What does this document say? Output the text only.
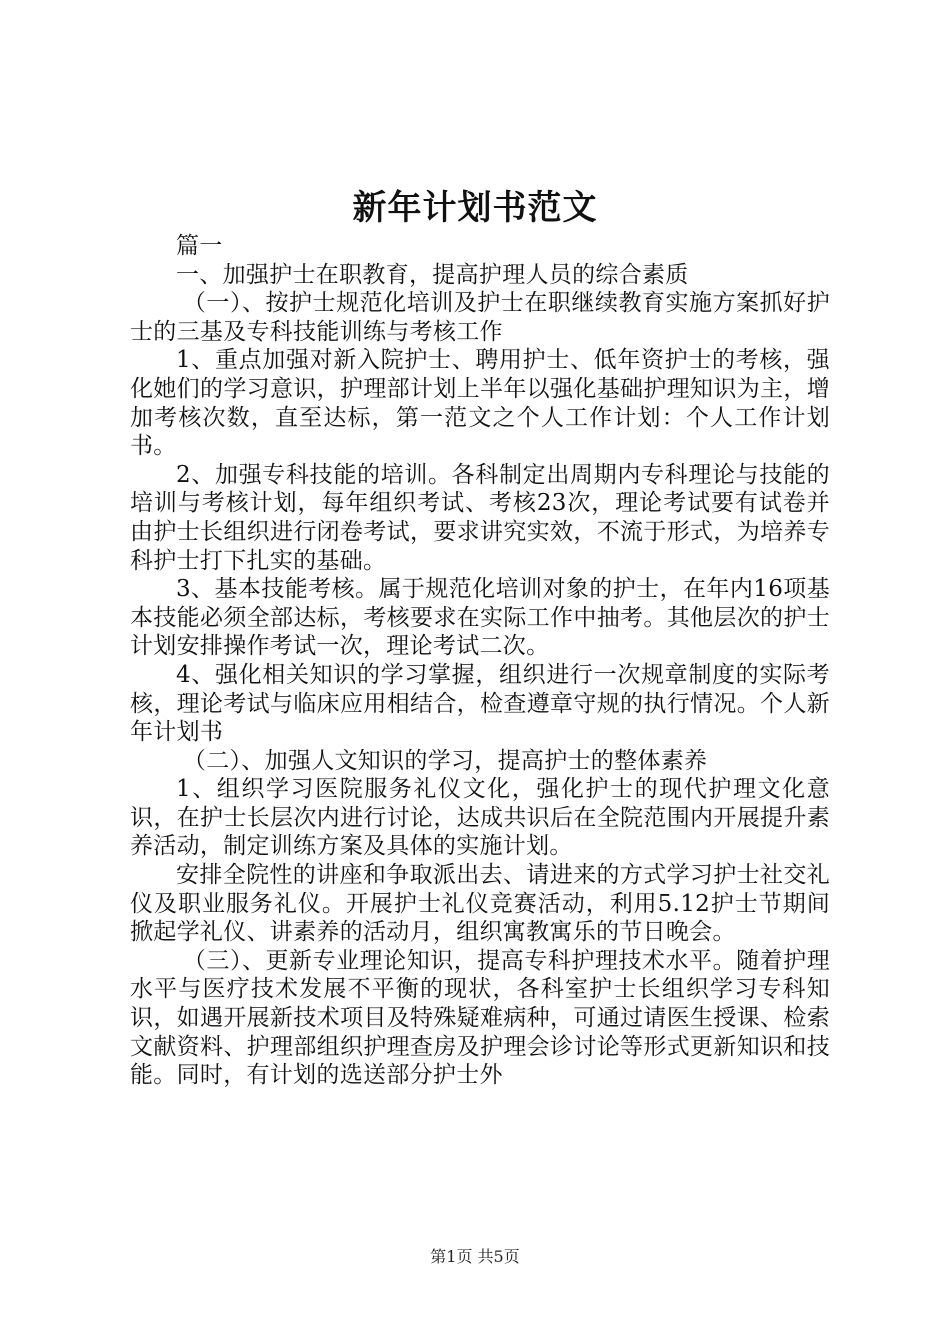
新年计划书范文

篇一

一、加强护士在职教育，提高护理人员的综合素质

（一）、按护士规范化培训及护士在职继续教育实施方案抓好护士的三基及专科技能训练与考核工作

1、重点加强对新入院护士、聘用护士、低年资护士的考核，强化她们的学习意识，护理部计划上半年以强化基础护理知识为主，增加考核次数，直至达标，第一范文之个人工作计划：个人工作计划书。

2、加强专科技能的培训。各科制定出周期内专科理论与技能的培训与考核计划，每年组织考试、考核23次，理论考试要有试卷并由护士长组织进行闭卷考试，要求讲究实效，不流于形式，为培养专科护士打下扎实的基础。

3、基本技能考核。属于规范化培训对象的护士，在年内16项基本技能必须全部达标，考核要求在实际工作中抽考。其他层次的护士计划安排操作考试一次，理论考试二次。

4、强化相关知识的学习掌握，组织进行一次规章制度的实际考核，理论考试与临床应用相结合，检查遵章守规的执行情况。个人新年计划书

（二）、加强人文知识的学习，提高护士的整体素养

1、组织学习医院服务礼仪文化，强化护士的现代护理文化意识，在护士长层次内进行讨论，达成共识后在全院范围内开展提升素养活动，制定训练方案及具体的实施计划。

安排全院性的讲座和争取派出去、请进来的方式学习护士社交礼仪及职业服务礼仪。开展护士礼仪竞赛活动，利用5.12护士节期间掀起学礼仪、讲素养的活动月，组织寓教寓乐的节日晚会。

（三）、更新专业理论知识，提高专科护理技术水平。随着护理水平与医疗技术发展不平衡的现状，各科室护士长组织学习专科知识，如遇开展新技术项目及特殊疑难病种，可通过请医生授课、检索文献资料、护理部组织护理查房及护理会诊讨论等形式更新知识和技能。同时，有计划的选送部分护士外

第1页 共5页
